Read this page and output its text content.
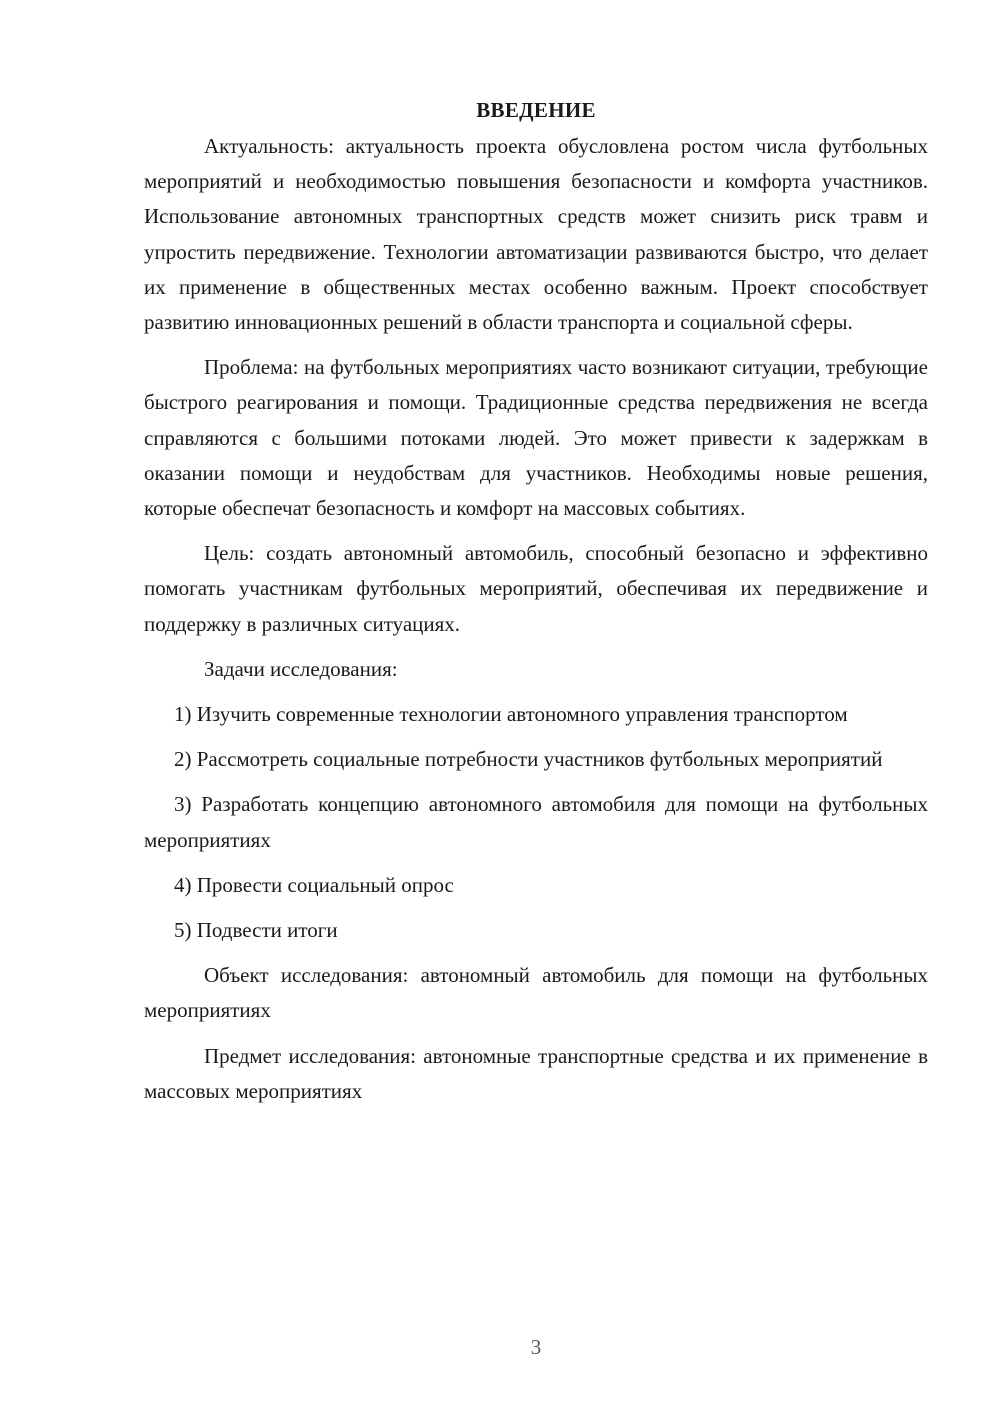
ВВЕДЕНИЕ

Актуальность: актуальность проекта обусловлена ростом числа футбольных мероприятий и необходимостью повышения безопасности и комфорта участников. Использование автономных транспортных средств может снизить риск травм и упростить передвижение. Технологии автоматизации развиваются быстро, что делает их применение в общественных местах особенно важным. Проект способствует развитию инновационных решений в области транспорта и социальной сферы.

Проблема: на футбольных мероприятиях часто возникают ситуации, требующие быстрого реагирования и помощи. Традиционные средства передвижения не всегда справляются с большими потоками людей. Это может привести к задержкам в оказании помощи и неудобствам для участников. Необходимы новые решения, которые обеспечат безопасность и комфорт на массовых событиях.

Цель: создать автономный автомобиль, способный безопасно и эффективно помогать участникам футбольных мероприятий, обеспечивая их передвижение и поддержку в различных ситуациях.

Задачи исследования:

1) Изучить современные технологии автономного управления транспортом

2) Рассмотреть социальные потребности участников футбольных мероприятий

3) Разработать концепцию автономного автомобиля для помощи на футбольных мероприятиях

4) Провести социальный опрос

5) Подвести итоги

Объект исследования: автономный автомобиль для помощи на футбольных мероприятиях

Предмет исследования: автономные транспортные средства и их применение в массовых мероприятиях

3
